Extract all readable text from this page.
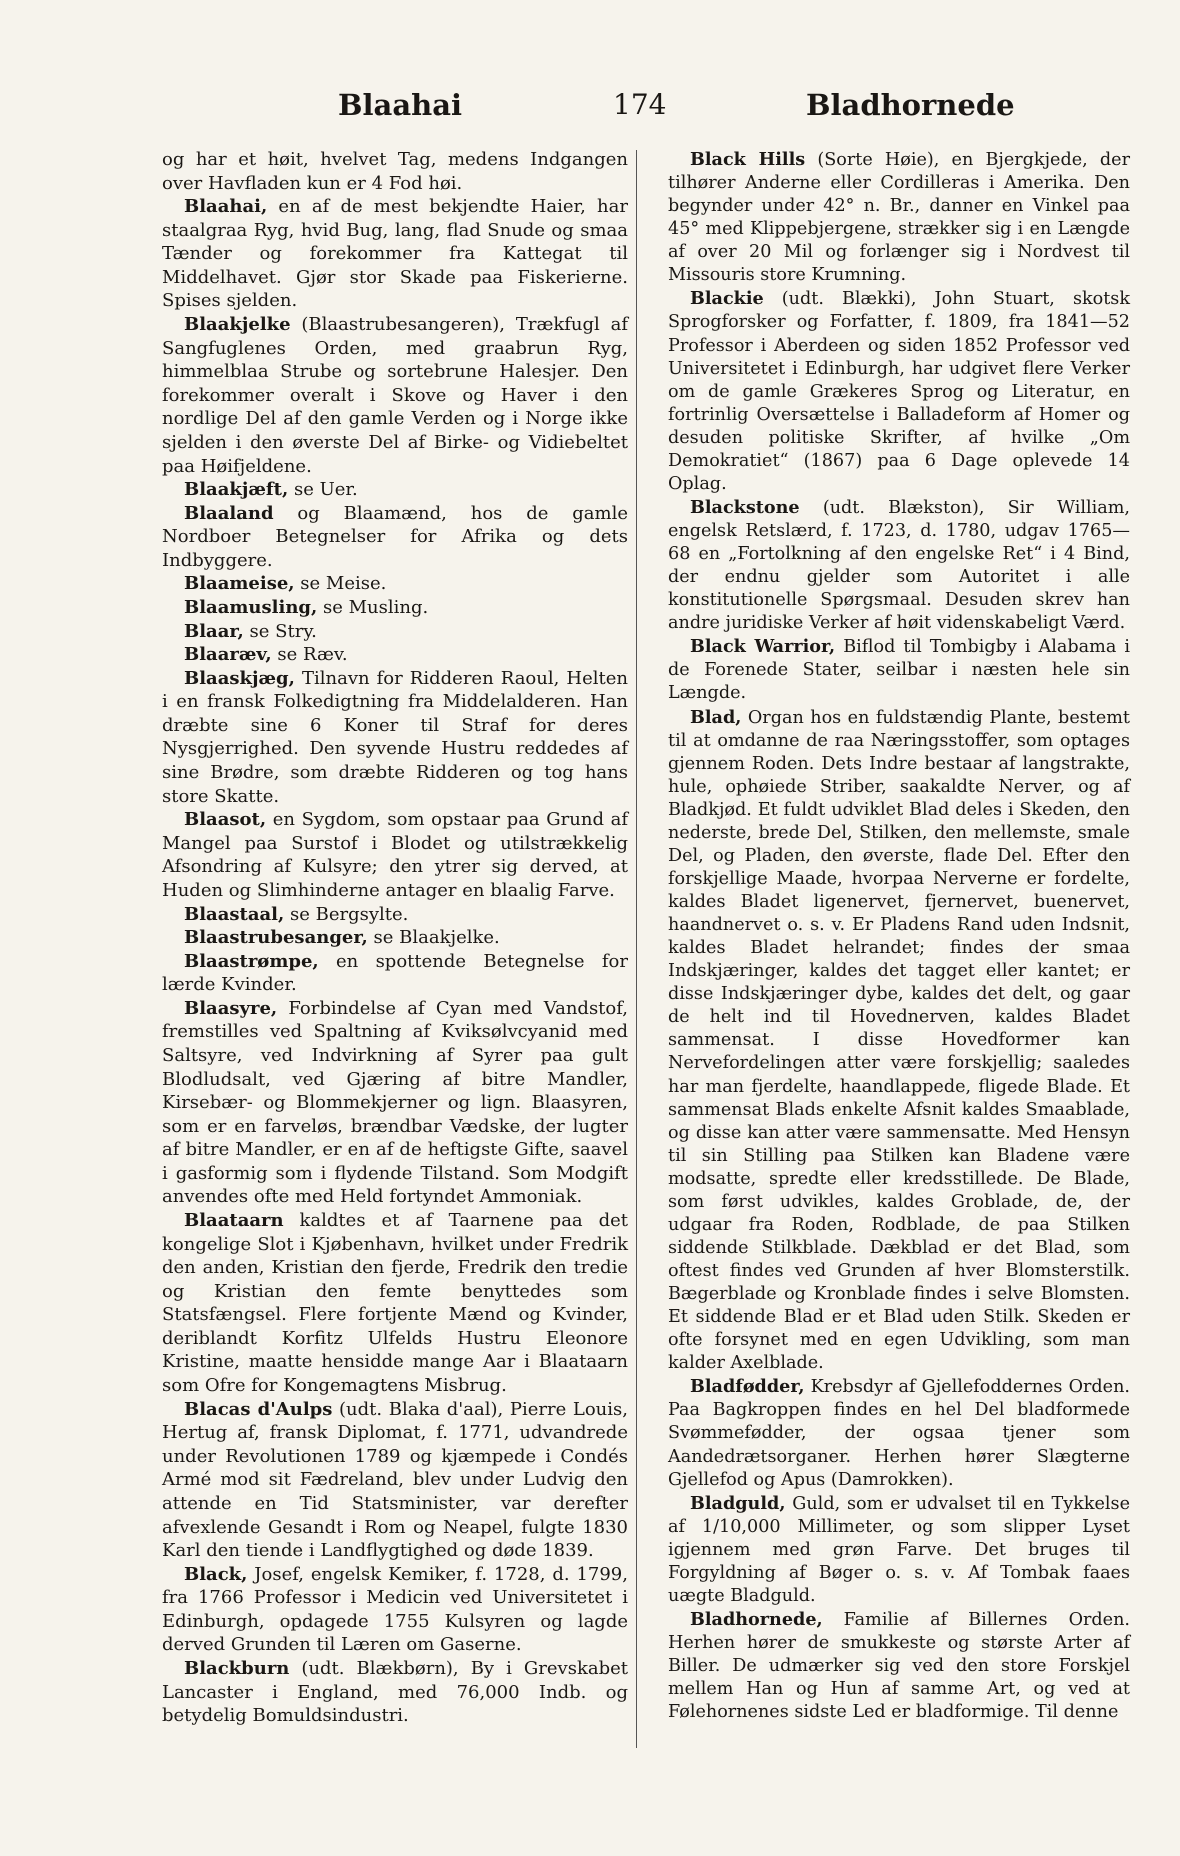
Blaahai	174	Bladhornede

og har et høit, hvelvet Tag, medens Indgangen over Havfladen kun er 4 Fod høi.

Blaahai, en af de mest bekjendte Haier, har staalgraa Ryg, hvid Bug, lang, flad Snude og smaa Tænder og forekommer fra Kattegat til Middelhavet. Gjør stor Skade paa Fiskerierne. Spises sjelden.

Blaakjelke (Blaastrubesangeren), Trækfugl af Sangfuglenes Orden, med graabrun Ryg, himmelblaa Strube og sortebrune Halesjer. Den forekommer overalt i Skove og Haver i den nordlige Del af den gamle Verden og i Norge ikke sjelden i den øverste Del af Birke- og Vidiebeltet paa Høifjeldene.

Blaakjæft, se Uer.

Blaaland og Blaamænd, hos de gamle Nordboer Betegnelser for Afrika og dets Indbyggere.

Blaameise, se Meise.

Blaamusling, se Musling.

Blaar, se Stry.

Blaaræv, se Ræv.

Blaaskjæg, Tilnavn for Ridderen Raoul, Helten i en fransk Folkedigtning fra Middelalderen. Han dræbte sine 6 Koner til Straf for deres Nysgjerrighed. Den syvende Hustru reddedes af sine Brødre, som dræbte Ridderen og tog hans store Skatte.

Blaasot, en Sygdom, som opstaar paa Grund af Mangel paa Surstof i Blodet og utilstrækkelig Afsondring af Kulsyre; den ytrer sig derved, at Huden og Slimhinderne antager en blaalig Farve.

Blaastaal, se Bergsylte.

Blaastrubesanger, se Blaakjelke.

Blaastrømpe, en spottende Betegnelse for lærde Kvinder.

Blaasyre, Forbindelse af Cyan med Vandstof, fremstilles ved Spaltning af Kviksølvcyanid med Saltsyre, ved Indvirkning af Syrer paa gult Blodludsalt, ved Gjæring af bitre Mandler, Kirsebær- og Blommekjerner og lign. Blaasyren, som er en farveløs, brændbar Vædske, der lugter af bitre Mandler, er en af de heftigste Gifte, saavel i gasformig som i flydende Tilstand. Som Modgift anvendes ofte med Held fortyndet Ammoniak.

Blaataarn kaldtes et af Taarnene paa det kongelige Slot i Kjøbenhavn, hvilket under Fredrik den anden, Kristian den fjerde, Fredrik den tredie og Kristian den femte benyttedes som Statsfængsel. Flere fortjente Mænd og Kvinder, deriblandt Korfitz Ulfelds Hustru Eleonore Kristine, maatte hensidde mange Aar i Blaataarn som Ofre for Kongemagtens Misbrug.

Blacas d'Aulps (udt. Blaka d'aal), Pierre Louis, Hertug af, fransk Diplomat, f. 1771, udvandrede under Revolutionen 1789 og kjæmpede i Condés Armé mod sit Fædreland, blev under Ludvig den attende en Tid Statsminister, var derefter afvexlende Gesandt i Rom og Neapel, fulgte 1830 Karl den tiende i Landflygtighed og døde 1839.

Black, Josef, engelsk Kemiker, f. 1728, d. 1799, fra 1766 Professor i Medicin ved Universitetet i Edinburgh, opdagede 1755 Kulsyren og lagde derved Grunden til Læren om Gaserne.

Blackburn (udt. Blækbørn), By i Grevskabet Lancaster i England, med 76,000 Indb. og betydelig Bomuldsindustri.

Black Hills (Sorte Høie), en Bjergkjede, der tilhører Anderne eller Cordilleras i Amerika. Den begynder under 42° n. Br., danner en Vinkel paa 45° med Klippebjergene, strækker sig i en Længde af over 20 Mil og forlænger sig i Nordvest til Missouris store Krumning.

Blackie (udt. Blækki), John Stuart, skotsk Sprogforsker og Forfatter, f. 1809, fra 1841—52 Professor i Aberdeen og siden 1852 Professor ved Universitetet i Edinburgh, har udgivet flere Verker om de gamle Grækeres Sprog og Literatur, en fortrinlig Oversættelse i Balladeform af Homer og desuden politiske Skrifter, af hvilke „Om Demokratiet“ (1867) paa 6 Dage oplevede 14 Oplag.

Blackstone (udt. Blækston), Sir William, engelsk Retslærd, f. 1723, d. 1780, udgav 1765—68 en „Fortolkning af den engelske Ret“ i 4 Bind, der endnu gjelder som Autoritet i alle konstitutionelle Spørgsmaal. Desuden skrev han andre juridiske Verker af høit videnskabeligt Værd.

Black Warrior, Biflod til Tombigby i Alabama i de Forenede Stater, seilbar i næsten hele sin Længde.

Blad, Organ hos en fuldstændig Plante, bestemt til at omdanne de raa Næringsstoffer, som optages gjennem Roden. Dets Indre bestaar af langstrakte, hule, ophøiede Striber, saakaldte Nerver, og af Bladkjød. Et fuldt udviklet Blad deles i Skeden, den nederste, brede Del, Stilken, den mellemste, smale Del, og Pladen, den øverste, flade Del. Efter den forskjellige Maade, hvorpaa Nerverne er fordelte, kaldes Bladet ligenervet, fjernervet, buenervet, haandnervet o. s. v. Er Pladens Rand uden Indsnit, kaldes Bladet helrandet; findes der smaa Indskjæringer, kaldes det tagget eller kantet; er disse Indskjæringer dybe, kaldes det delt, og gaar de helt ind til Hovednerven, kaldes Bladet sammensat. I disse Hovedformer kan Nervefordelingen atter være forskjellig; saaledes har man fjerdelte, haandlappede, fligede Blade. Et sammensat Blads enkelte Afsnit kaldes Smaablade, og disse kan atter være sammensatte. Med Hensyn til sin Stilling paa Stilken kan Bladene være modsatte, spredte eller kredsstillede. De Blade, som først udvikles, kaldes Groblade, de, der udgaar fra Roden, Rodblade, de paa Stilken siddende Stilkblade. Dækblad er det Blad, som oftest findes ved Grunden af hver Blomsterstilk. Bægerblade og Kronblade findes i selve Blomsten. Et siddende Blad er et Blad uden Stilk. Skeden er ofte forsynet med en egen Udvikling, som man kalder Axelblade.

Bladfødder, Krebsdyr af Gjellefoddernes Orden. Paa Bagkroppen findes en hel Del bladformede Svømmefødder, der ogsaa tjener som Aandedrætsorganer. Herhen hører Slægterne Gjellefod og Apus (Damrokken).

Bladguld, Guld, som er udvalset til en Tykkelse af 1/10,000 Millimeter, og som slipper Lyset igjennem med grøn Farve. Det bruges til Forgyldning af Bøger o. s. v. Af Tombak faaes uægte Bladguld.

Bladhornede, Familie af Billernes Orden. Herhen hører de smukkeste og største Arter af Biller. De udmærker sig ved den store Forskjel mellem Han og Hun af samme Art, og ved at Følehornenes sidste Led er bladformige. Til denne
